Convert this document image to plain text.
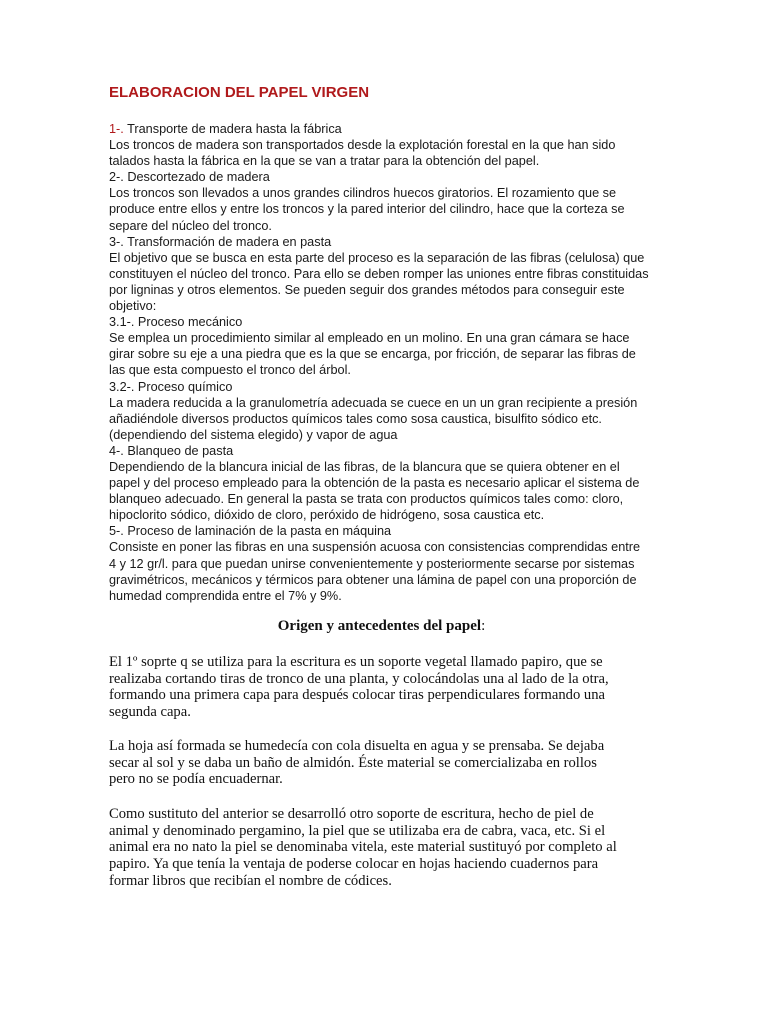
ELABORACION DEL PAPEL VIRGEN

1-. Transporte de madera hasta la fábrica

Los troncos de madera son transportados desde la explotación forestal en la que han sido

talados hasta la fábrica en la que se van a tratar para la obtención del papel.

2-. Descortezado de madera

Los troncos son llevados a unos grandes cilindros huecos giratorios. El rozamiento que se

produce entre ellos y entre los troncos y la pared interior del cilindro, hace que la corteza se

separe del núcleo del tronco.

3-. Transformación de madera en pasta

El objetivo que se busca en esta parte del proceso es la separación de las fibras (celulosa) que

constituyen el núcleo del tronco. Para ello se deben romper las uniones entre fibras constituidas

por ligninas y otros elementos. Se pueden seguir dos grandes métodos para conseguir este

objetivo:

3.1-. Proceso mecánico

Se emplea un procedimiento similar al empleado en un molino. En una gran cámara se hace

girar sobre su eje a una piedra que es la que se encarga, por fricción, de separar las fibras de

las que esta compuesto el tronco del árbol.

3.2-. Proceso químico

La madera reducida a la granulometría adecuada se cuece en un un gran recipiente a presión

añadiéndole diversos productos químicos tales como sosa caustica, bisulfito sódico etc.

(dependiendo del sistema elegido) y vapor de agua

4-. Blanqueo de pasta

Dependiendo de la blancura inicial de las fibras, de la blancura que se quiera obtener en el

papel y del proceso empleado para la obtención de la pasta es necesario aplicar el sistema de

blanqueo adecuado. En general la pasta se trata con productos químicos tales como: cloro,

hipoclorito sódico, dióxido de cloro, peróxido de hidrógeno, sosa caustica etc.

5-. Proceso de laminación de la pasta en máquina

Consiste en poner las fibras en una suspensión acuosa con consistencias comprendidas entre

4 y 12 gr/l. para que puedan unirse convenientemente y posteriormente secarse por sistemas

gravimétricos, mecánicos y térmicos para obtener una lámina de papel con una proporción de

humedad comprendida entre el 7% y 9%.

Origen y antecedentes del papel:

El 1º soprte q se utiliza para la escritura es un soporte vegetal llamado papiro, que se

realizaba cortando tiras de tronco de una planta, y colocándolas una al lado de la otra,

formando una primera capa para después colocar tiras perpendiculares formando una

segunda capa.

La hoja así formada se humedecía con cola disuelta en agua y se prensaba. Se dejaba

secar al sol y se daba un baño de almidón. Éste material se comercializaba en rollos

pero no se podía encuadernar.

Como sustituto del anterior se desarrolló otro soporte de escritura, hecho de piel de

animal y denominado pergamino, la piel que se utilizaba era de cabra, vaca, etc. Si el

animal era no nato la piel se denominaba vitela, este material sustituyó por completo al

papiro. Ya que tenía la ventaja de poderse colocar en hojas haciendo cuadernos para

formar libros que recibían el nombre de códices.
